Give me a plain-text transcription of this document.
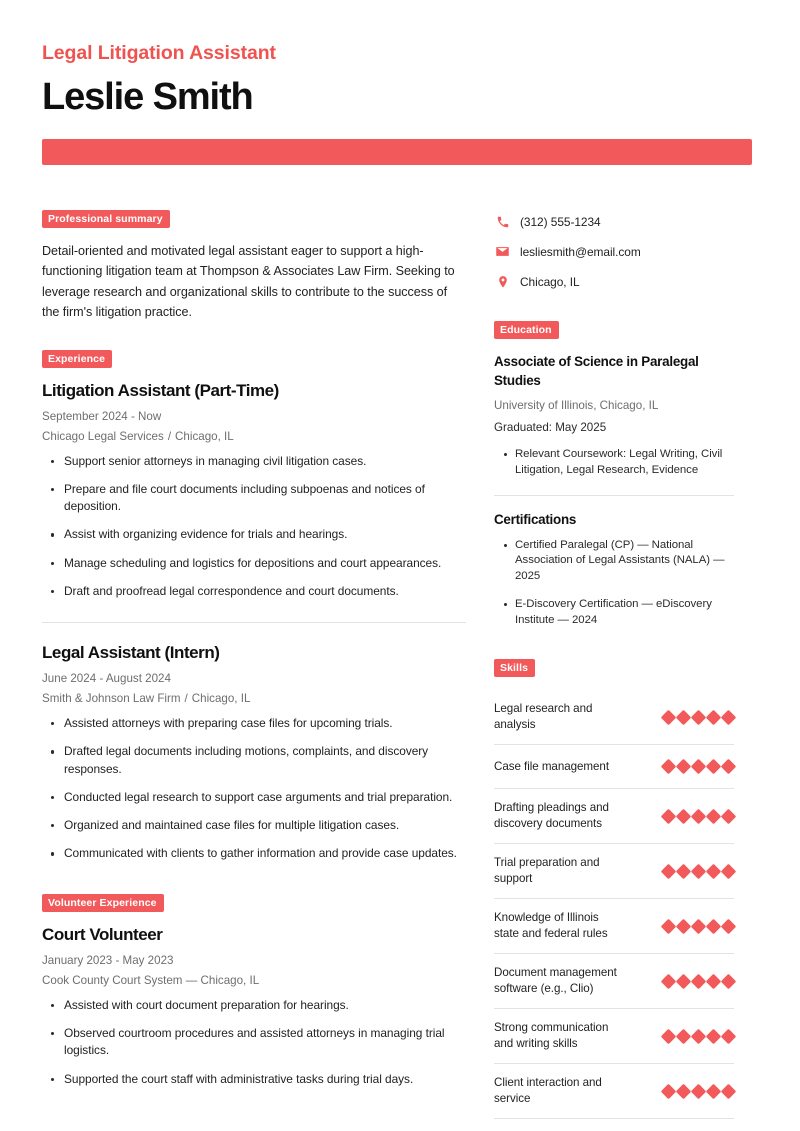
Legal Litigation Assistant
Leslie Smith
Professional summary
Detail-oriented and motivated legal assistant eager to support a high-functioning litigation team at Thompson & Associates Law Firm. Seeking to leverage research and organizational skills to contribute to the success of the firm's litigation practice.
Experience
Litigation Assistant (Part-Time)
September 2024 - Now
Chicago Legal Services / Chicago, IL
Support senior attorneys in managing civil litigation cases.
Prepare and file court documents including subpoenas and notices of deposition.
Assist with organizing evidence for trials and hearings.
Manage scheduling and logistics for depositions and court appearances.
Draft and proofread legal correspondence and court documents.
Legal Assistant (Intern)
June 2024 - August 2024
Smith & Johnson Law Firm / Chicago, IL
Assisted attorneys with preparing case files for upcoming trials.
Drafted legal documents including motions, complaints, and discovery responses.
Conducted legal research to support case arguments and trial preparation.
Organized and maintained case files for multiple litigation cases.
Communicated with clients to gather information and provide case updates.
Volunteer Experience
Court Volunteer
January 2023 - May 2023
Cook County Court System — Chicago, IL
Assisted with court document preparation for hearings.
Observed courtroom procedures and assisted attorneys in managing trial logistics.
Supported the court staff with administrative tasks during trial days.
(312) 555-1234
lesliesmith@email.com
Chicago, IL
Education
Associate of Science in Paralegal Studies
University of Illinois, Chicago, IL
Graduated: May 2025
Relevant Coursework: Legal Writing, Civil Litigation, Legal Research, Evidence
Certifications
Certified Paralegal (CP) — National Association of Legal Assistants (NALA) — 2025
E-Discovery Certification — eDiscovery Institute — 2024
Skills
Legal research and analysis
Case file management
Drafting pleadings and discovery documents
Trial preparation and support
Knowledge of Illinois state and federal rules
Document management software (e.g., Clio)
Strong communication and writing skills
Client interaction and service
